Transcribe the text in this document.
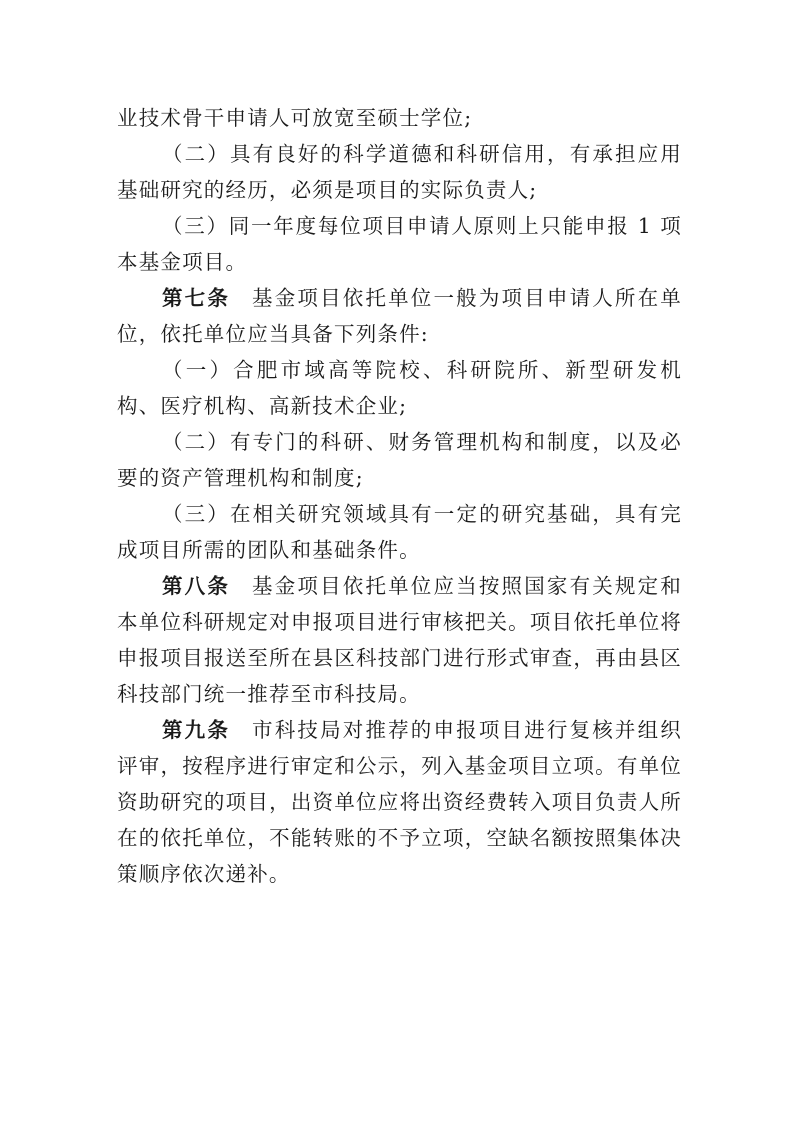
业技术骨干申请人可放宽至硕士学位;

（二）具有良好的科学道德和科研信用，有承担应用基础研究的经历，必须是项目的实际负责人;

（三）同一年度每位项目申请人原则上只能申报 1 项本基金项目。

第七条 基金项目依托单位一般为项目申请人所在单位，依托单位应当具备下列条件:

（一）合肥市域高等院校、科研院所、新型研发机构、医疗机构、高新技术企业;

（二）有专门的科研、财务管理机构和制度，以及必要的资产管理机构和制度;

（三）在相关研究领域具有一定的研究基础，具有完成项目所需的团队和基础条件。

第八条 基金项目依托单位应当按照国家有关规定和本单位科研规定对申报项目进行审核把关。项目依托单位将申报项目报送至所在县区科技部门进行形式审查，再由县区科技部门统一推荐至市科技局。

第九条 市科技局对推荐的申报项目进行复核并组织评审，按程序进行审定和公示，列入基金项目立项。有单位资助研究的项目，出资单位应将出资经费转入项目负责人所在的依托单位，不能转账的不予立项，空缺名额按照集体决策顺序依次递补。
